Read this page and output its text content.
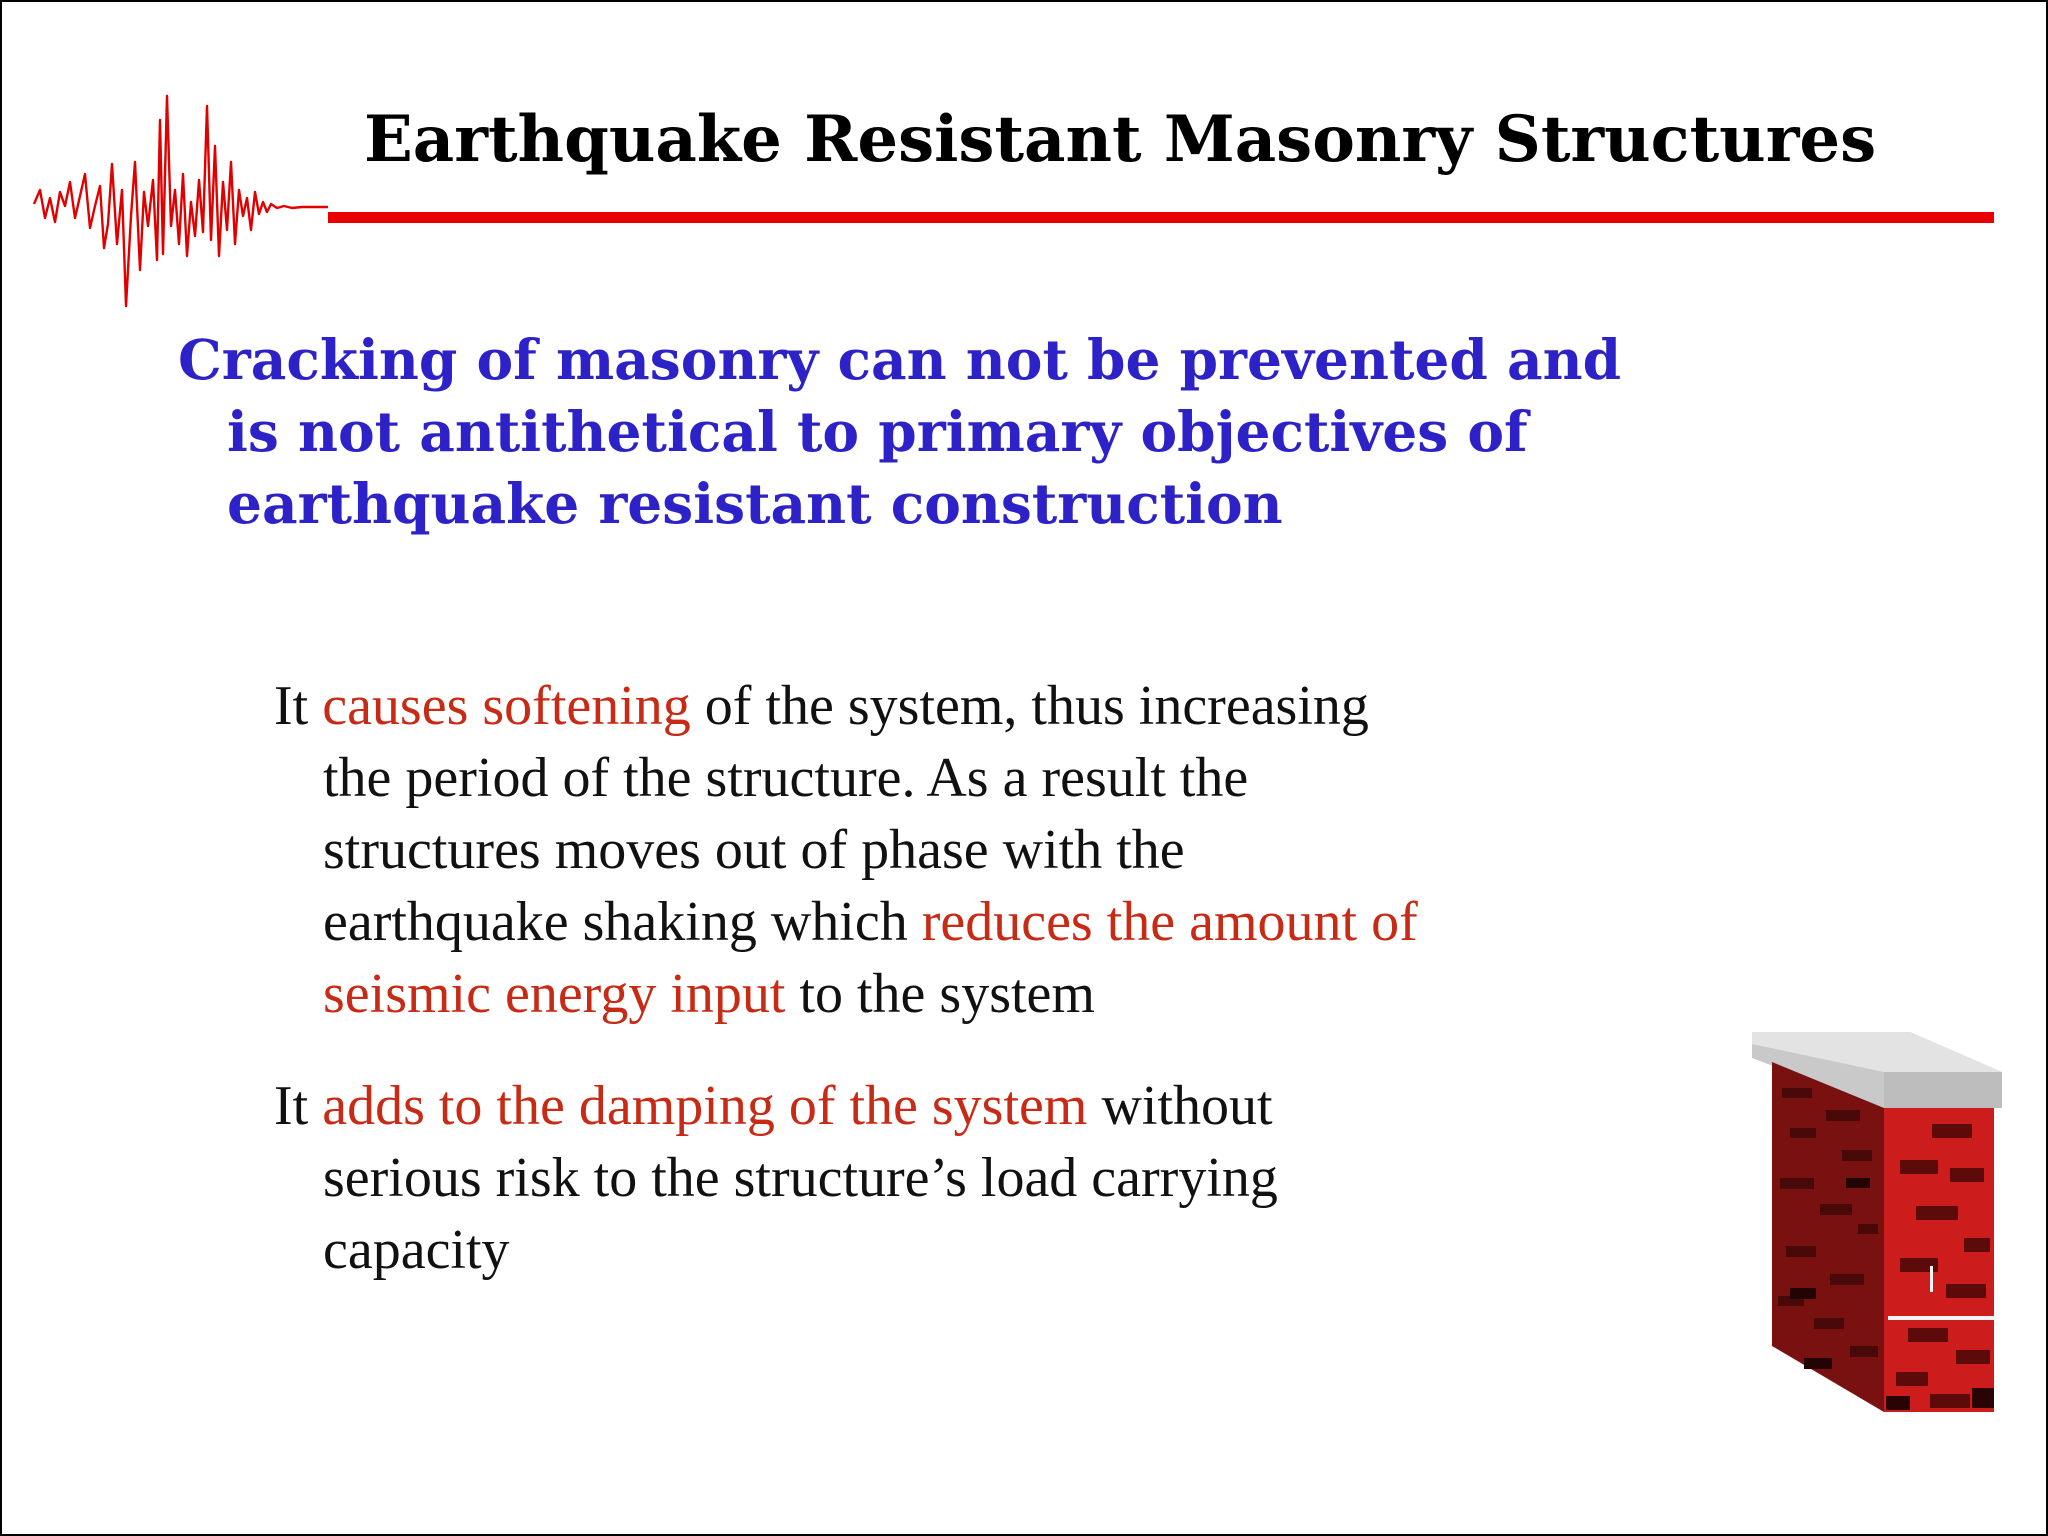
Earthquake Resistant Masonry Structures
Cracking of masonry can not be prevented and
is not antithetical to primary objectives of
earthquake resistant construction
It causes softening of the system, thus increasing
the period of the structure. As a result the
structures moves out of phase with the
earthquake shaking which reduces the amount of
seismic energy input to the system
It adds to the damping of the system without
serious risk to the structure’s load carrying
capacity
